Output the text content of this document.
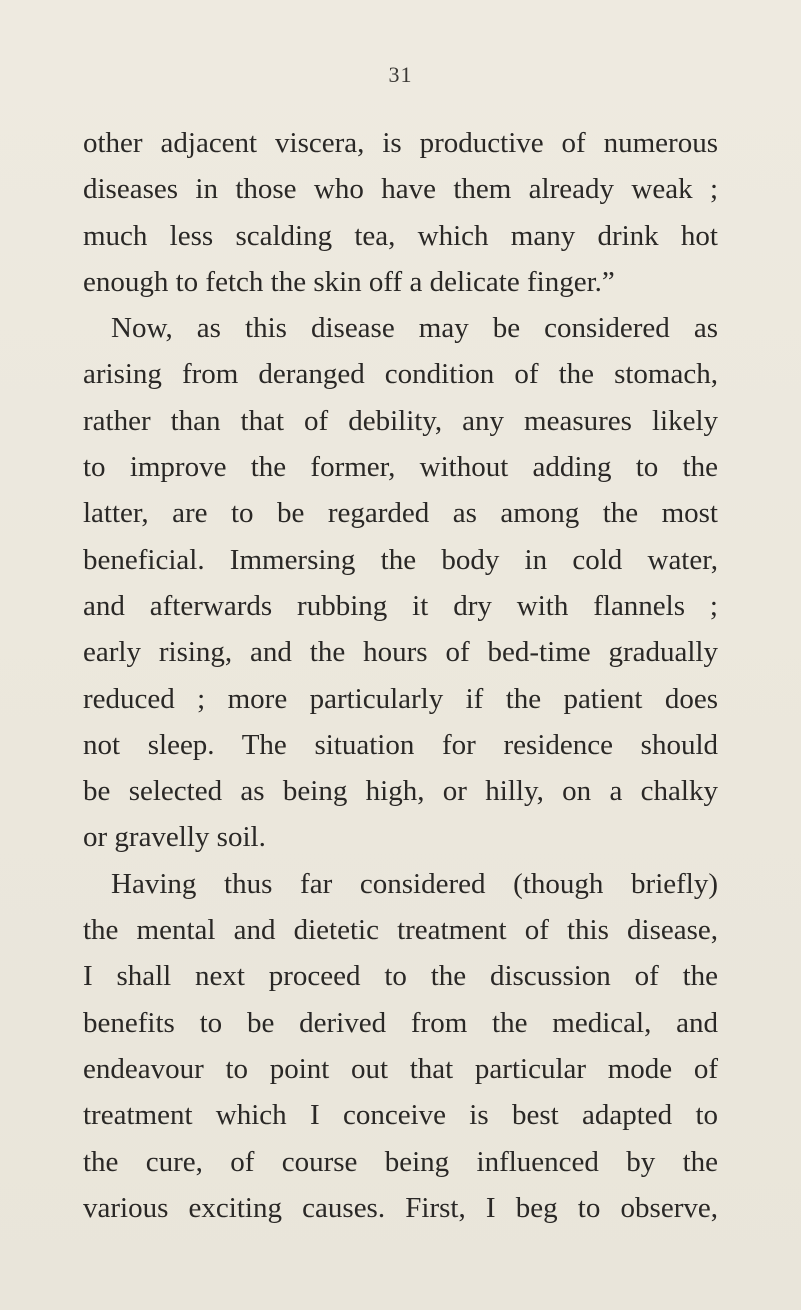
31
other adjacent viscera, is productive of numerous
diseases in those who have them already weak ;
much less scalding tea, which many drink hot
enough to fetch the skin off a delicate finger.”
Now, as this disease may be considered as
arising from deranged condition of the stomach,
rather than that of debility, any measures likely
to improve the former, without adding to the
latter, are to be regarded as among the most
beneficial. Immersing the body in cold water,
and afterwards rubbing it dry with flannels ;
early rising, and the hours of bed-time gradually
reduced ; more particularly if the patient does
not sleep. The situation for residence should
be selected as being high, or hilly, on a chalky
or gravelly soil.
Having thus far considered (though briefly)
the mental and dietetic treatment of this disease,
I shall next proceed to the discussion of the
benefits to be derived from the medical, and
endeavour to point out that particular mode of
treatment which I conceive is best adapted to
the cure, of course being influenced by the
various exciting causes. First, I beg to observe,
